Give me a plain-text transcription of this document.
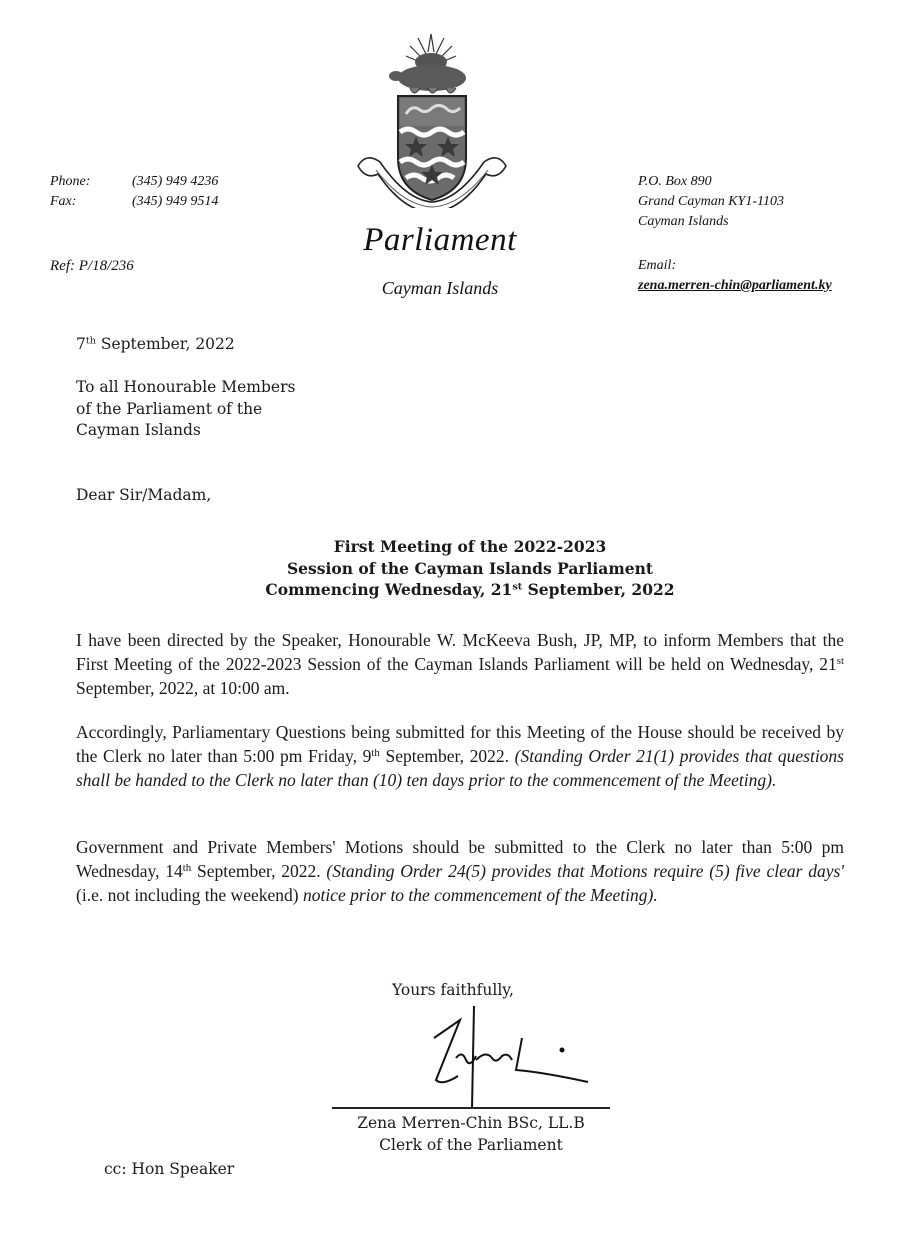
Phone:	(345) 949 4236
Fax:	(345) 949 9514
Ref: P/18/236
Parliament
Cayman Islands
P.O. Box 890
Grand Cayman KY1-1103
Cayman Islands
Email:
zena.merren-chin@parliament.ky
7th September, 2022
To all Honourable Members
of the Parliament of the
Cayman Islands
Dear Sir/Madam,
First Meeting of the 2022-2023
Session of the Cayman Islands Parliament
Commencing Wednesday, 21st September, 2022
I have been directed by the Speaker, Honourable W. McKeeva Bush, JP, MP, to inform Members that the First Meeting of the 2022-2023 Session of the Cayman Islands Parliament will be held on Wednesday, 21st September, 2022, at 10:00 am.
Accordingly, Parliamentary Questions being submitted for this Meeting of the House should be received by the Clerk no later than 5:00 pm Friday, 9th September, 2022. (Standing Order 21(1) provides that questions shall be handed to the Clerk no later than (10) ten days prior to the commencement of the Meeting).
Government and Private Members' Motions should be submitted to the Clerk no later than 5:00 pm Wednesday, 14th September, 2022. (Standing Order 24(5) provides that Motions require (5) five clear days' (i.e. not including the weekend) notice prior to the commencement of the Meeting).
Yours faithfully,
Zena Merren-Chin BSc, LL.B
Clerk of the Parliament
cc: Hon Speaker
